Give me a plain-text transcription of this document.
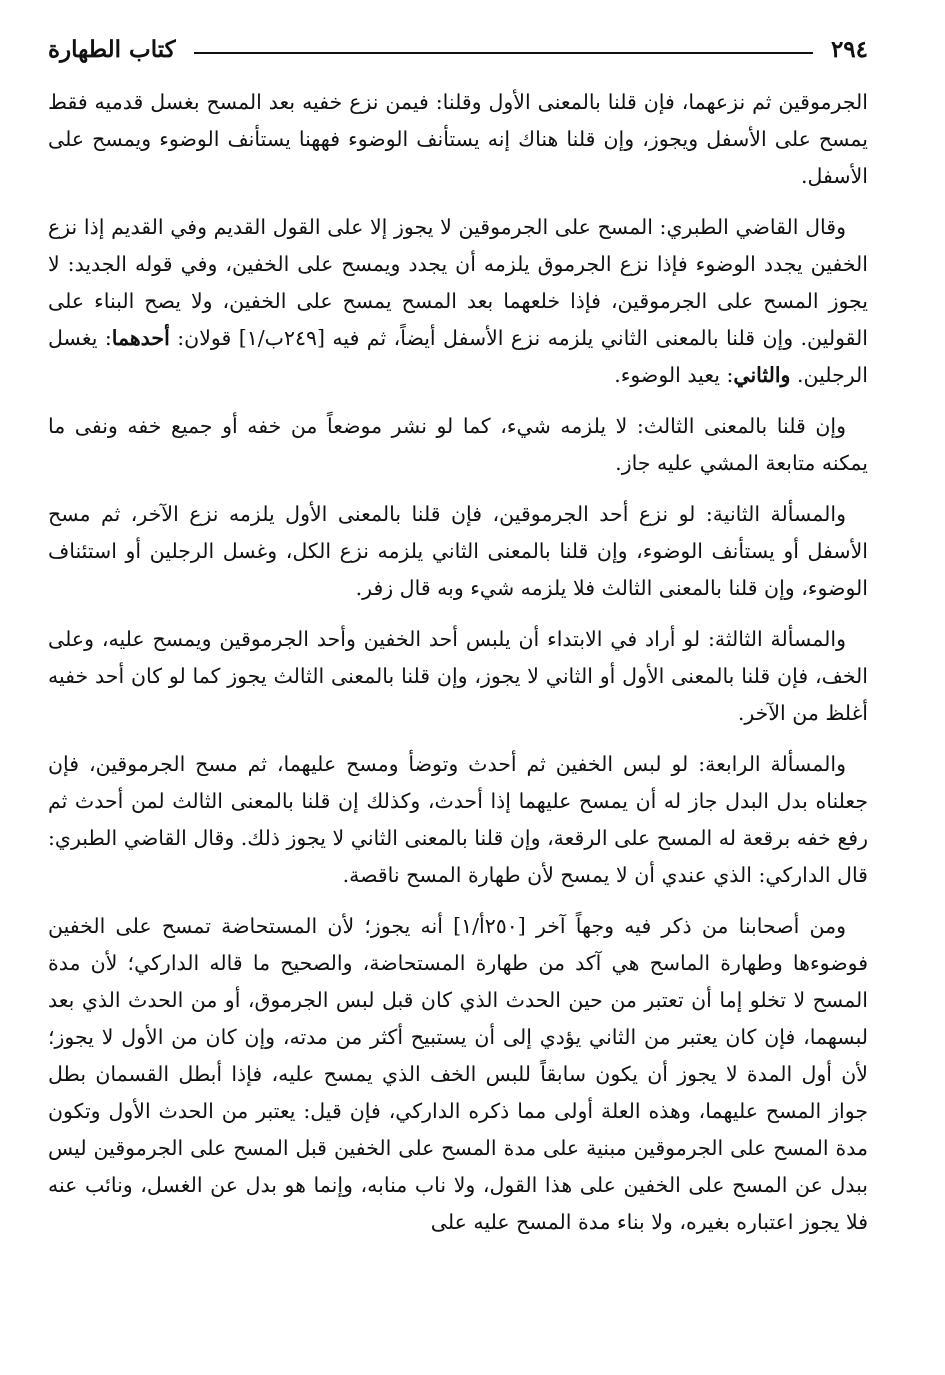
٢٩٤
كتاب الطهارة

الجرموقين ثم نزعهما، فإن قلنا بالمعنى الأول وقلنا: فيمن نزع خفيه بعد المسح بغسل قدميه فقط يمسح على الأسفل ويجوز، وإن قلنا هناك إنه يستأنف الوضوء فههنا يستأنف الوضوء ويمسح على الأسفل.

وقال القاضي الطبري: المسح على الجرموقين لا يجوز إلا على القول القديم وفي القديم إذا نزع الخفين يجدد الوضوء فإذا نزع الجرموق يلزمه أن يجدد ويمسح على الخفين، وفي قوله الجديد: لا يجوز المسح على الجرموقين، فإذا خلعهما بعد المسح يمسح على الخفين، ولا يصح البناء على القولين. وإن قلنا بالمعنى الثاني يلزمه نزع الأسفل أيضاً، ثم فيه [٢٤٩ب/١] قولان: أحدهما: يغسل الرجلين. والثاني: يعيد الوضوء.

وإن قلنا بالمعنى الثالث: لا يلزمه شيء، كما لو نشر موضعاً من خفه أو جميع خفه ونفى ما يمكنه متابعة المشي عليه جاز.

والمسألة الثانية: لو نزع أحد الجرموقين، فإن قلنا بالمعنى الأول يلزمه نزع الآخر، ثم مسح الأسفل أو يستأنف الوضوء، وإن قلنا بالمعنى الثاني يلزمه نزع الكل، وغسل الرجلين أو استئناف الوضوء، وإن قلنا بالمعنى الثالث فلا يلزمه شيء وبه قال زفر.

والمسألة الثالثة: لو أراد في الابتداء أن يلبس أحد الخفين وأحد الجرموقين ويمسح عليه، وعلى الخف، فإن قلنا بالمعنى الأول أو الثاني لا يجوز، وإن قلنا بالمعنى الثالث يجوز كما لو كان أحد خفيه أغلظ من الآخر.

والمسألة الرابعة: لو لبس الخفين ثم أحدث وتوضأ ومسح عليهما، ثم مسح الجرموقين، فإن جعلناه بدل البدل جاز له أن يمسح عليهما إذا أحدث، وكذلك إن قلنا بالمعنى الثالث لمن أحدث ثم رفع خفه برقعة له المسح على الرقعة، وإن قلنا بالمعنى الثاني لا يجوز ذلك. وقال القاضي الطبري: قال الداركي: الذي عندي أن لا يمسح لأن طهارة المسح ناقصة.

ومن أصحابنا من ذكر فيه وجهاً آخر [٢٥٠أ/١] أنه يجوز؛ لأن المستحاضة تمسح على الخفين فوضوءها وطهارة الماسح هي آكد من طهارة المستحاضة، والصحيح ما قاله الداركي؛ لأن مدة المسح لا تخلو إما أن تعتبر من حين الحدث الذي كان قبل لبس الجرموق، أو من الحدث الذي بعد لبسهما، فإن كان يعتبر من الثاني يؤدي إلى أن يستبيح أكثر من مدته، وإن كان من الأول لا يجوز؛ لأن أول المدة لا يجوز أن يكون سابقاً للبس الخف الذي يمسح عليه، فإذا أبطل القسمان بطل جواز المسح عليهما، وهذه العلة أولى مما ذكره الداركي، فإن قيل: يعتبر من الحدث الأول وتكون مدة المسح على الجرموقين مبنية على مدة المسح على الخفين قبل المسح على الجرموقين ليس ببدل عن المسح على الخفين على هذا القول، ولا ناب منابه، وإنما هو بدل عن الغسل، ونائب عنه فلا يجوز اعتباره بغيره، ولا بناء مدة المسح عليه على
